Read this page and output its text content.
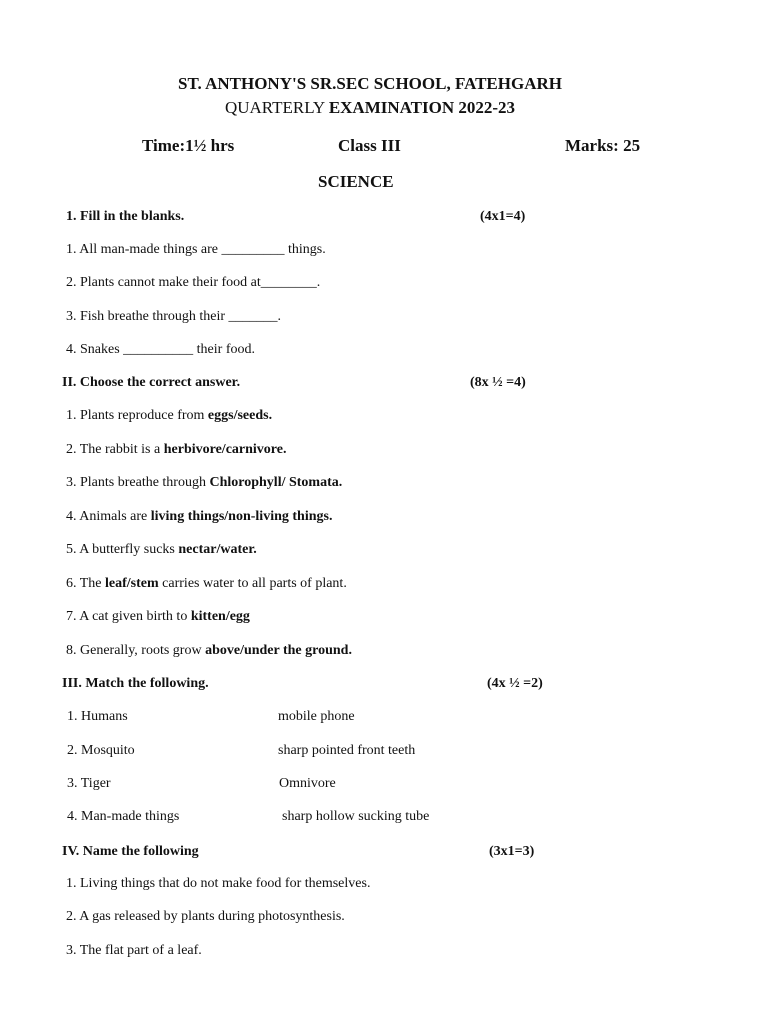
ST. ANTHONY'S SR.SEC SCHOOL, FATEHGARH
QUARTERLY EXAMINATION 2022-23
Time:1½ hrs	Class III	Marks: 25
SCIENCE
1. Fill in the blanks.	(4x1=4)
1. All man-made things are _________ things.
2. Plants cannot make their food at________.
3. Fish breathe through their _______.
4. Snakes __________ their food.
II. Choose the correct answer.	(8x ½ =4)
1. Plants reproduce from eggs/seeds.
2. The rabbit is a herbivore/carnivore.
3. Plants breathe through Chlorophyll/ Stomata.
4. Animals are living things/non-living things.
5. A butterfly sucks nectar/water.
6. The leaf/stem carries water to all parts of plant.
7. A cat given birth to kitten/egg
8. Generally, roots grow above/under the ground.
III. Match the following.	(4x ½ =2)
1. Humans	mobile phone
2. Mosquito	sharp pointed front teeth
3. Tiger	Omnivore
4. Man-made things	sharp hollow sucking tube
IV. Name the following	(3x1=3)
1. Living things that do not make food for themselves.
2. A gas released by plants during photosynthesis.
3. The flat part of a leaf.
